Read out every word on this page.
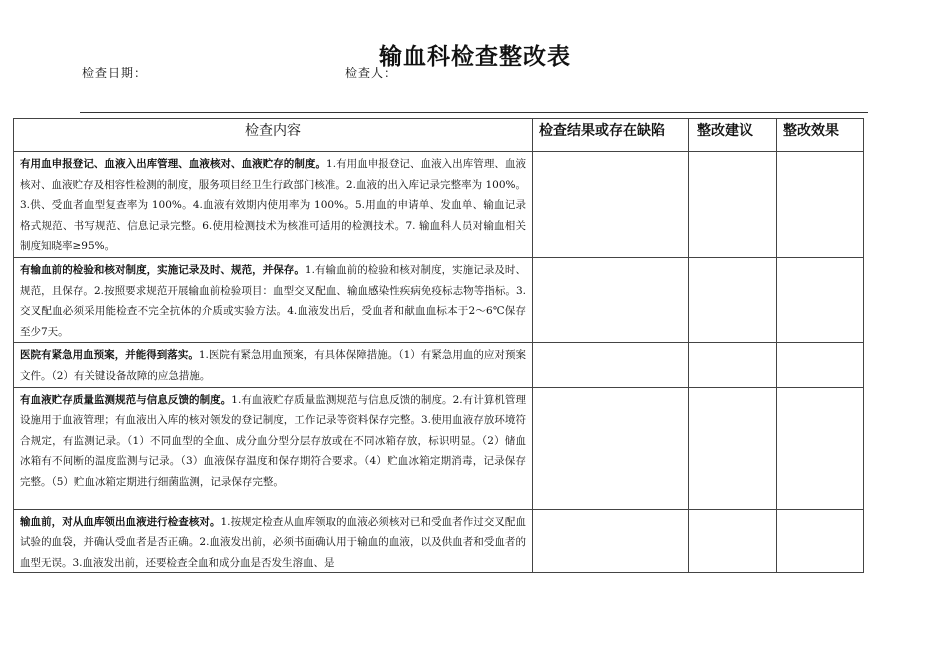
输血科检查整改表
检查日期：	检查人：
检查内容	检查结果或存在缺陷	整改建议	整改效果
有用血申报登记、血液入出库管理、血液核对、血液贮存的制度。1.有用血申报登记、血液入出库管理、血液核对、血液贮存及相容性检测的制度，服务项目经卫生行政部门核准。2.血液的出入库记录完整率为 100%。3.供、受血者血型复查率为 100%。4.血液有效期内使用率为 100%。5.用血的申请单、发血单、输血记录格式规范、书写规范、信息记录完整。6.使用检测技术为核准可适用的检测技术。7. 输血科人员对输血相关制度知晓率≥95%。			
有输血前的检验和核对制度，实施记录及时、规范，并保存。1.有输血前的检验和核对制度，实施记录及时、规范，且保存。2.按照要求规范开展输血前检验项目：血型交叉配血、输血感染性疾病免疫标志物等指标。3.交叉配血必须采用能检查不完全抗体的介质或实验方法。4.血液发出后，受血者和献血血标本于2～6℃保存至少7天。			
医院有紧急用血预案，并能得到落实。1.医院有紧急用血预案，有具体保障措施。（1）有紧急用血的应对预案文件。（2）有关键设备故障的应急措施。			
有血液贮存质量监测规范与信息反馈的制度。1.有血液贮存质量监测规范与信息反馈的制度。2.有计算机管理设施用于血液管理；有血液出入库的核对领发的登记制度，工作记录等资料保存完整。3.使用血液存放环境符合规定，有监测记录。（1）不同血型的全血、成分血分型分层存放或在不同冰箱存放，标识明显。（2）储血冰箱有不间断的温度监测与记录。（3）血液保存温度和保存期符合要求。（4）贮血冰箱定期消毒，记录保存完整。（5）贮血冰箱定期进行细菌监测，记录保存完整。			

输血前，对从血库领出血液进行检查核对。1.按规定检查从血库领取的血液必须核对已和受血者作过交叉配血试验的血袋，并确认受血者是否正确。2.血液发出前，必须书面确认用于输血的血液，以及供血者和受血者的血型无误。3.血液发出前，还要检查全血和成分血是否发生溶血、是			
